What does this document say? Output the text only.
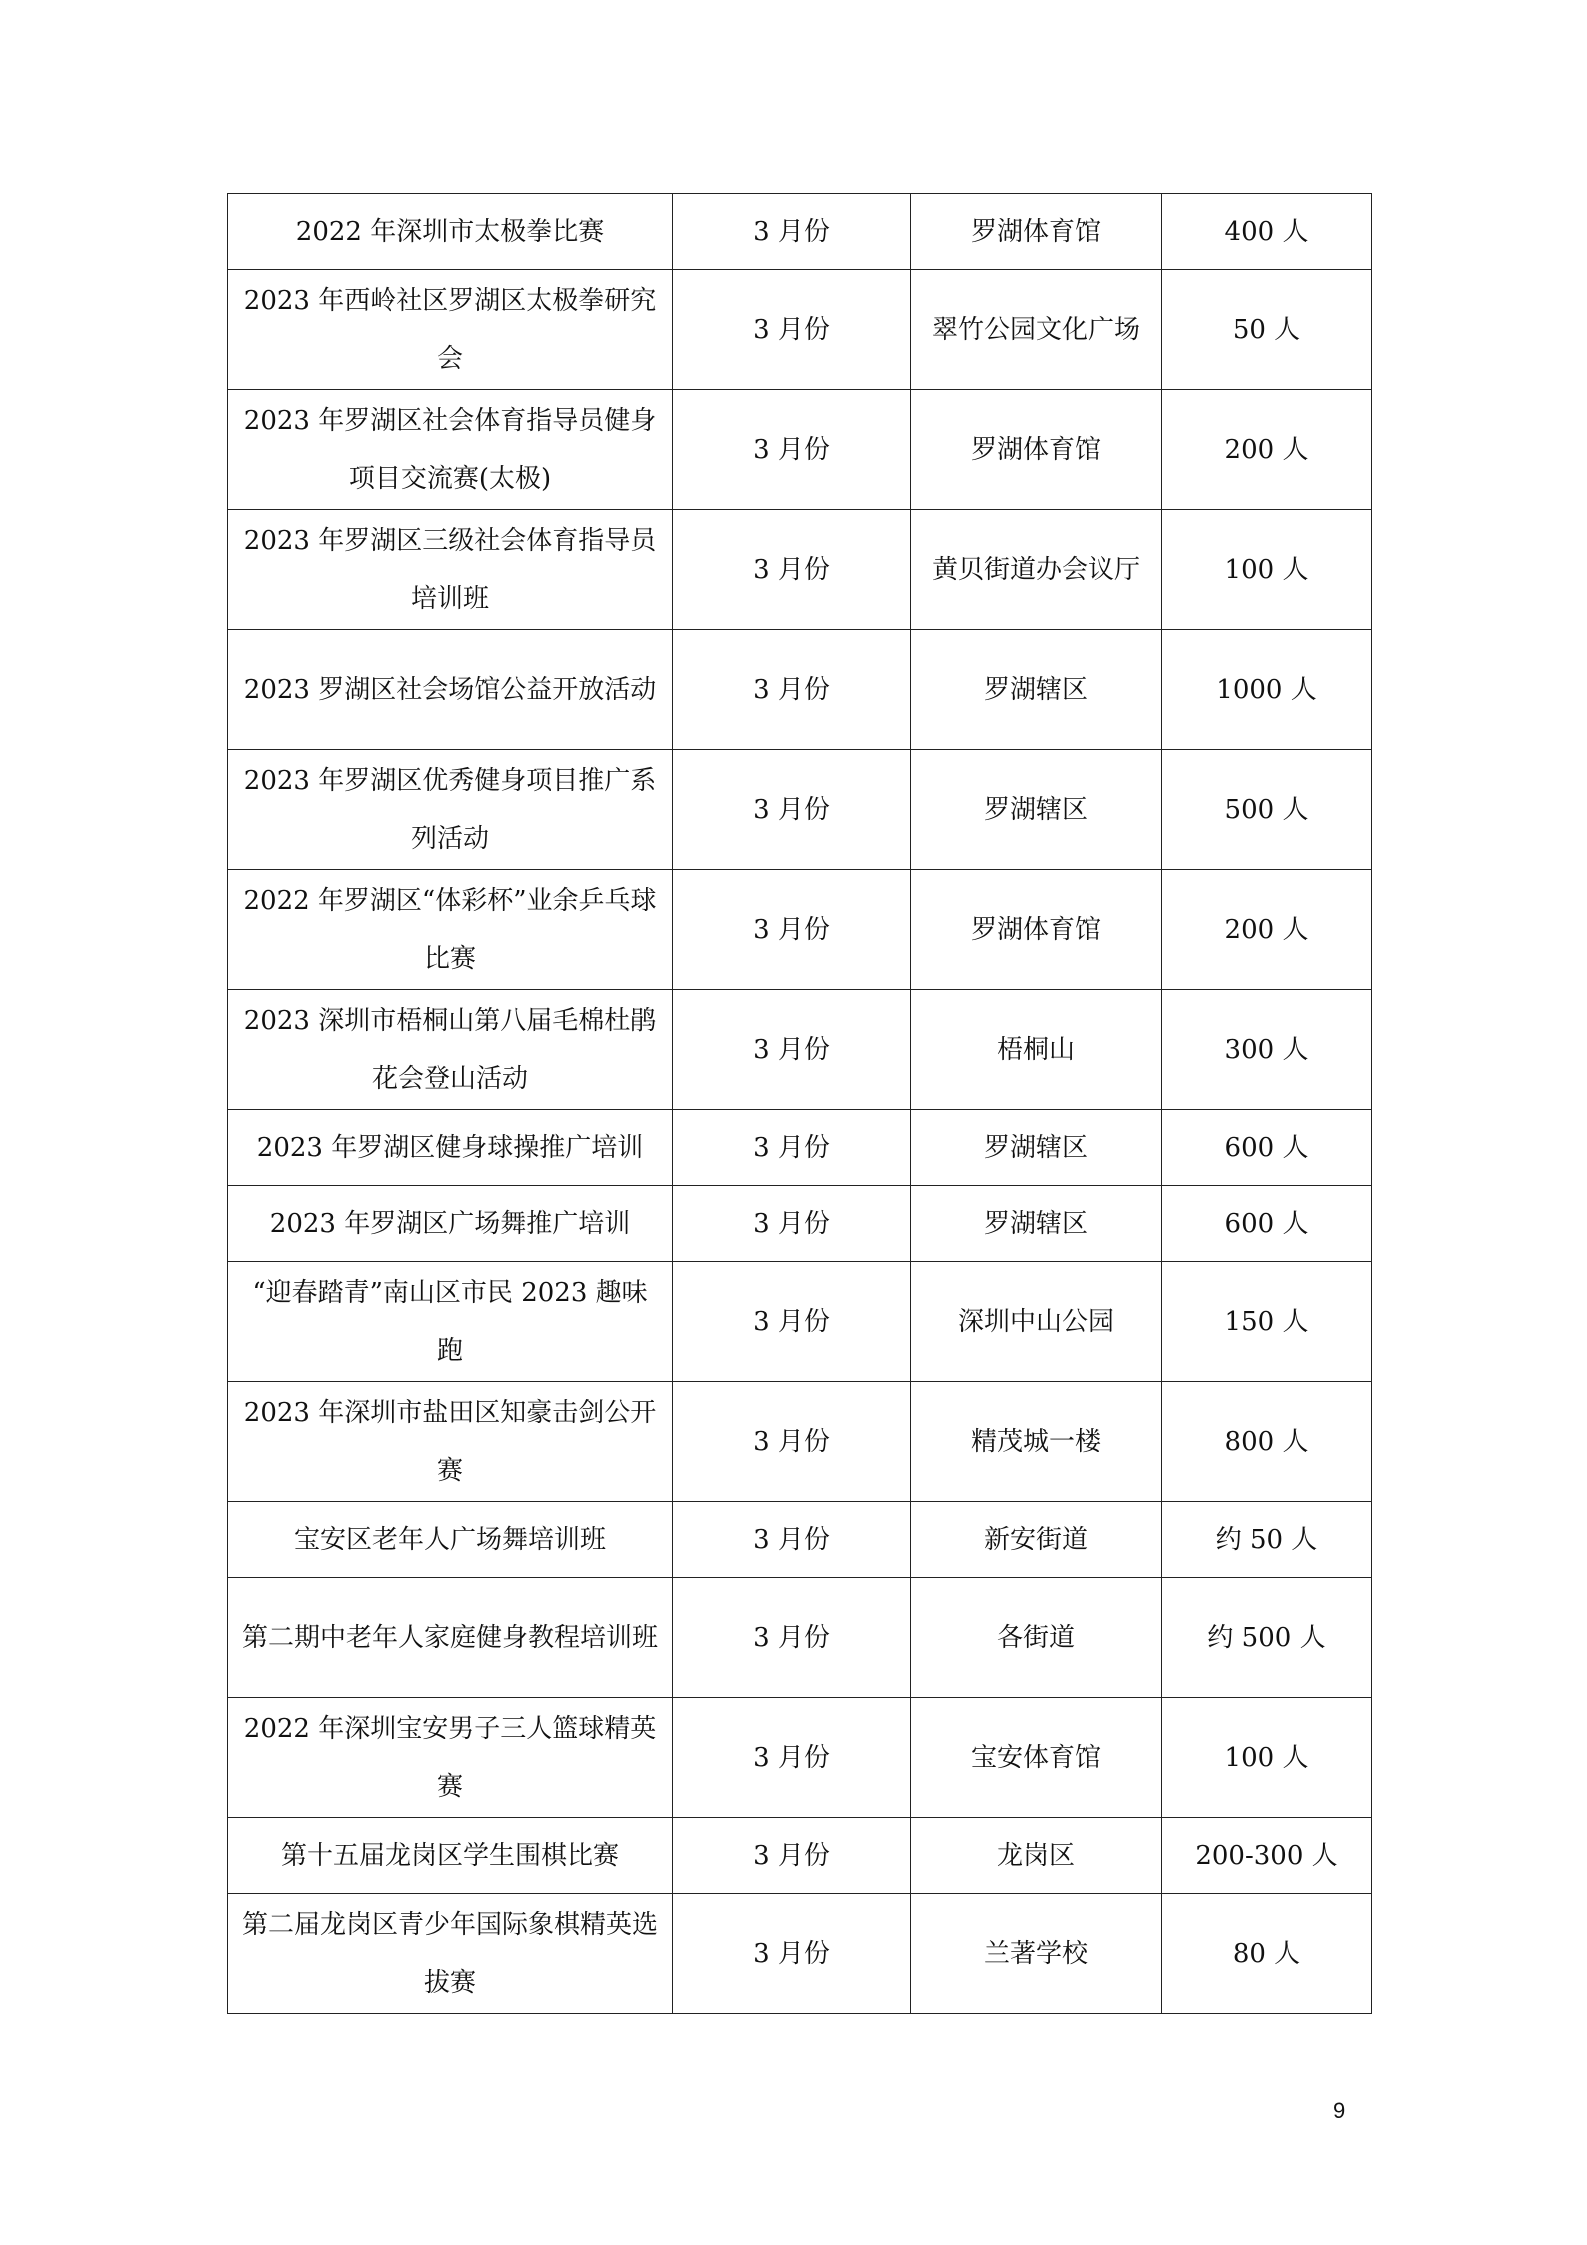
2022 年深圳市太极拳比赛	3 月份	罗湖体育馆	400 人
2023 年西岭社区罗湖区太极拳研究会	3 月份	翠竹公园文化广场	50 人
2023 年罗湖区社会体育指导员健身项目交流赛(太极)	3 月份	罗湖体育馆	200 人
2023 年罗湖区三级社会体育指导员培训班	3 月份	黄贝街道办会议厅	100 人
2023 罗湖区社会场馆公益开放活动	3 月份	罗湖辖区	1000 人
2023 年罗湖区优秀健身项目推广系列活动	3 月份	罗湖辖区	500 人
2022 年罗湖区“体彩杯”业余乒乓球比赛	3 月份	罗湖体育馆	200 人
2023 深圳市梧桐山第八届毛棉杜鹃花会登山活动	3 月份	梧桐山	300 人
2023 年罗湖区健身球操推广培训	3 月份	罗湖辖区	600 人
2023 年罗湖区广场舞推广培训	3 月份	罗湖辖区	600 人
“迎春踏青”南山区市民 2023 趣味跑	3 月份	深圳中山公园	150 人
2023 年深圳市盐田区知豪击剑公开赛	3 月份	精茂城一楼	800 人
宝安区老年人广场舞培训班	3 月份	新安街道	约 50 人
第二期中老年人家庭健身教程培训班	3 月份	各街道	约 500 人
2022 年深圳宝安男子三人篮球精英赛	3 月份	宝安体育馆	100 人
第十五届龙岗区学生围棋比赛	3 月份	龙岗区	200-300 人
第二届龙岗区青少年国际象棋精英选拔赛	3 月份	兰著学校	80 人
9
